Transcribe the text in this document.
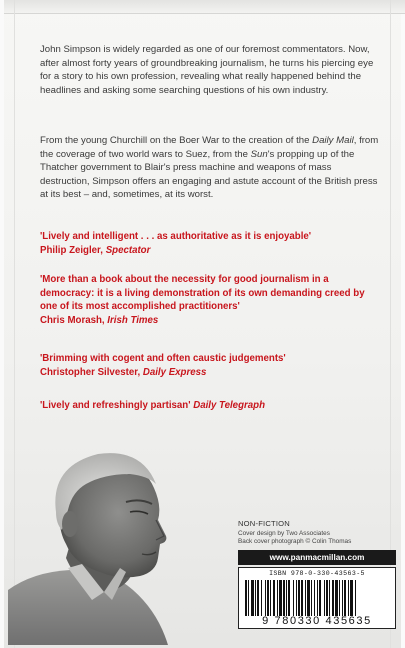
John Simpson is widely regarded as one of our foremost commentators. Now, after almost forty years of groundbreaking journalism, he turns his piercing eye for a story to his own profession, revealing what really happened behind the headlines and asking some searching questions of his own industry.

From the young Churchill on the Boer War to the creation of the Daily Mail, from the coverage of two world wars to Suez, from the Sun's propping up of the Thatcher government to Blair's press machine and weapons of mass destruction, Simpson offers an engaging and astute account of the British press at its best – and, sometimes, at its worst.

'Lively and intelligent . . . as authoritative as it is enjoyable'
Philip Zeigler, Spectator
'More than a book about the necessity for good journalism in a democracy: it is a living demonstration of its own demanding creed by one of its most accomplished practitioners'
Chris Morash, Irish Times
'Brimming with cogent and often caustic judgements'
Christopher Silvester, Daily Express
'Lively and refreshingly partisan' Daily Telegraph
NON-FICTION
Cover design by Two Associates
Back cover photograph © Colin Thomas
www.panmacmillan.com
ISBN 978-0-330-43563-5
9 780330 435635
